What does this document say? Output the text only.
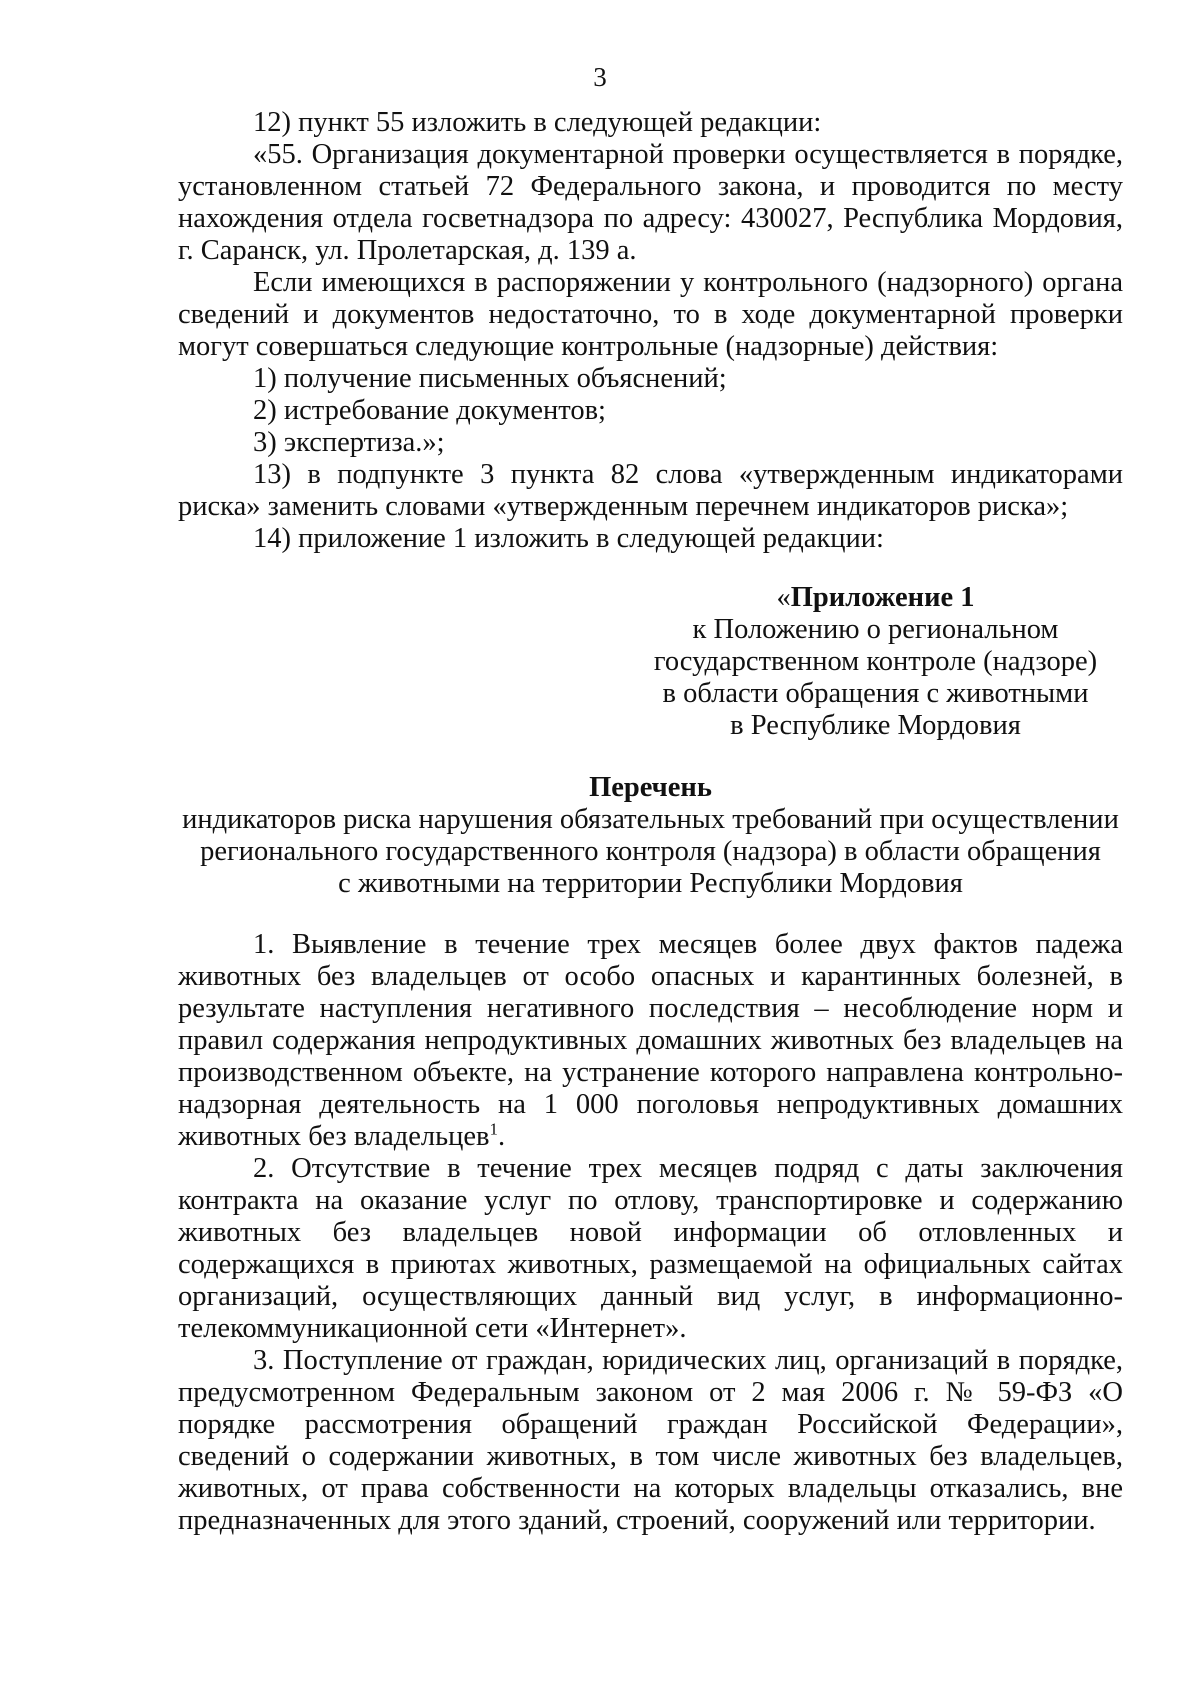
3

12) пункт 55 изложить в следующей редакции:

«55. Организация документарной проверки осуществляется в порядке, установленном статьей 72 Федерального закона, и проводится по месту нахождения отдела госветнадзора по адресу: 430027, Республика Мордовия, г. Саранск, ул. Пролетарская, д. 139 а.

Если имеющихся в распоряжении у контрольного (надзорного) органа сведений и документов недостаточно, то в ходе документарной проверки могут совершаться следующие контрольные (надзорные) действия:

1) получение письменных объяснений;

2) истребование документов;

3) экспертиза.»;

13) в подпункте 3 пункта 82 слова «утвержденным индикаторами риска» заменить словами «утвержденным перечнем индикаторов риска»;

14) приложение 1 изложить в следующей редакции:

«Приложение 1
к Положению о региональном
государственном контроле (надзоре)
в области обращения с животными
в Республике Мордовия
Перечень
индикаторов риска нарушения обязательных требований при осуществлении
регионального государственного контроля (надзора) в области обращения
с животными на территории Республики Мордовия

1. Выявление в течение трех месяцев более двух фактов падежа животных без владельцев от особо опасных и карантинных болезней, в результате наступления негативного последствия – несоблюдение норм и правил содержания непродуктивных домашних животных без владельцев на производственном объекте, на устранение которого направлена контрольно-надзорная деятельность на 1 000 поголовья непродуктивных домашних животных без владельцев$^1$.

2. Отсутствие в течение трех месяцев подряд с даты заключения контракта на оказание услуг по отлову, транспортировке и содержанию животных без владельцев новой информации об отловленных и содержащихся в приютах животных, размещаемой на официальных сайтах организаций, осуществляющих данный вид услуг, в информационно-телекоммуникационной сети «Интернет».

3. Поступление от граждан, юридических лиц, организаций в порядке, предусмотренном Федеральным законом от 2 мая 2006 г. № 59-ФЗ «О порядке рассмотрения обращений граждан Российской Федерации», сведений о содержании животных, в том числе животных без владельцев, животных, от права собственности на которых владельцы отказались, вне предназначенных для этого зданий, строений, сооружений или территории.
